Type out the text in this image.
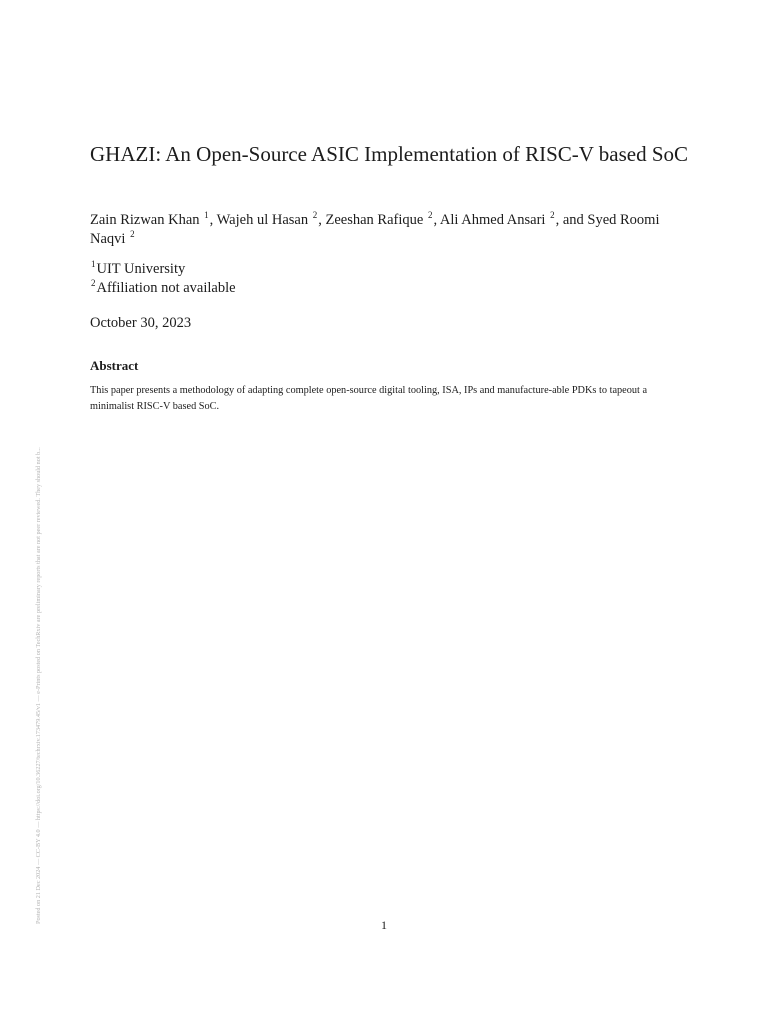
GHAZI: An Open-Source ASIC Implementation of RISC-V based SoC
Zain Rizwan Khan $^1$, Wajeh ul Hasan $^2$, Zeeshan Rafique $^2$, Ali Ahmed Ansari $^2$, and Syed Roomi Naqvi $^2$
$^1$UIT University
$^2$Affiliation not available
October 30, 2023
Abstract

This paper presents a methodology of adapting complete open-source digital tooling, ISA, IPs and manufacture-able PDKs to tapeout a minimalist RISC-V based SoC.

1
Posted on 21 Dec 2024 — CC-BY 4.0 — https://doi.org/10.36227/techrxiv.173479.45/v1 — e-Prints posted on TechRxiv are preliminary reports that are not peer reviewed. They should not b...
